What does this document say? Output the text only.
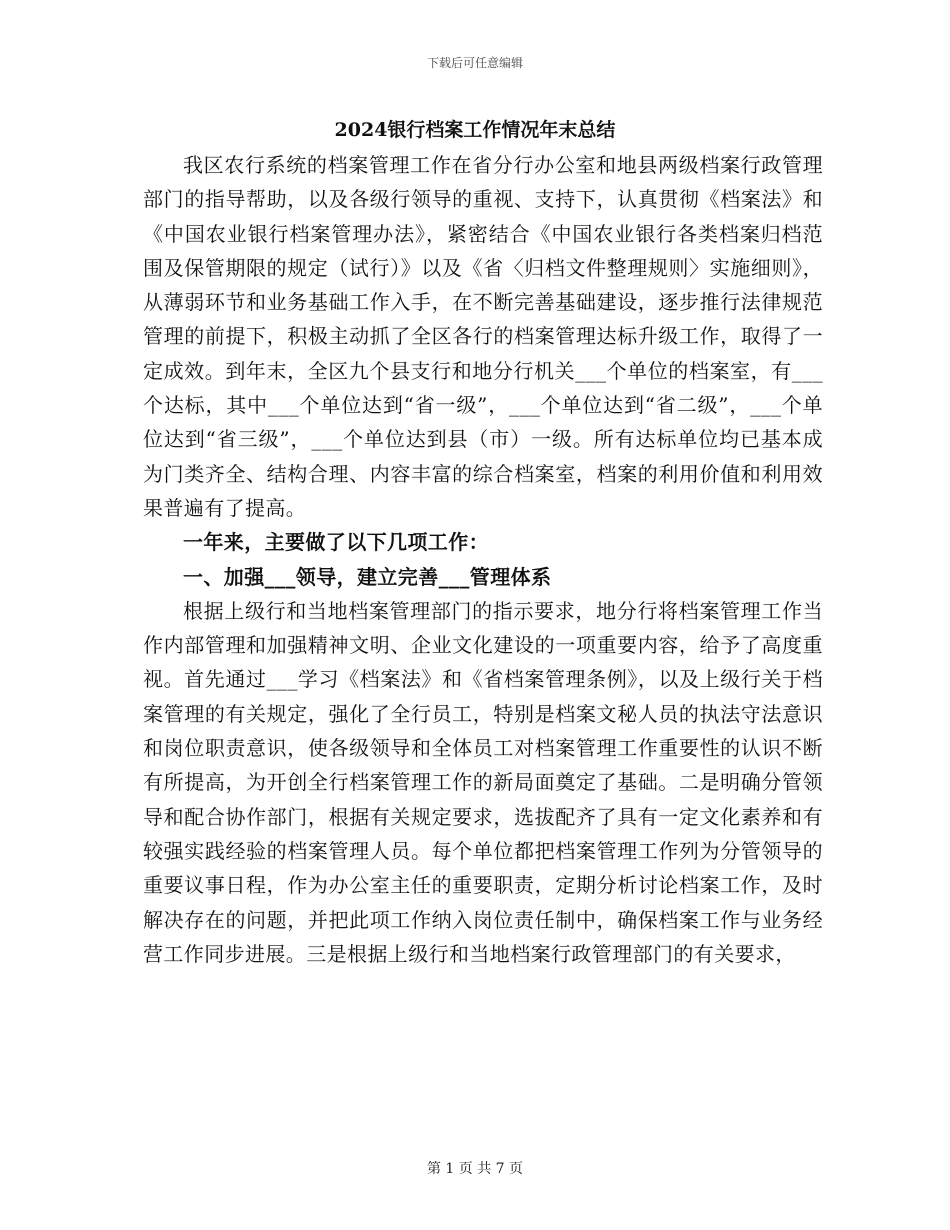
下载后可任意编辑
2024银行档案工作情况年末总结

我区农行系统的档案管理工作在省分行办公室和地县两级档案行政管理部门的指导帮助，以及各级行领导的重视、支持下，认真贯彻《档案法》和《中国农业银行档案管理办法》，紧密结合《中国农业银行各类档案归档范围及保管期限的规定（试行）》以及《省〈归档文件整理规则〉实施细则》，从薄弱环节和业务基础工作入手，在不断完善基础建设，逐步推行法律规范管理的前提下，积极主动抓了全区各行的档案管理达标升级工作，取得了一定成效。到年末，全区九个县支行和地分行机关___个单位的档案室，有___个达标，其中___个单位达到“省一级”，___个单位达到“省二级”，___个单位达到“省三级”，___个单位达到县（市）一级。所有达标单位均已基本成为门类齐全、结构合理、内容丰富的综合档案室，档案的利用价值和利用效果普遍有了提高。

一年来，主要做了以下几项工作：

一、加强___领导，建立完善___管理体系

根据上级行和当地档案管理部门的指示要求，地分行将档案管理工作当作内部管理和加强精神文明、企业文化建设的一项重要内容，给予了高度重视。首先通过___学习《档案法》和《省档案管理条例》，以及上级行关于档案管理的有关规定，强化了全行员工，特别是档案文秘人员的执法守法意识和岗位职责意识，使各级领导和全体员工对档案管理工作重要性的认识不断有所提高，为开创全行档案管理工作的新局面奠定了基础。二是明确分管领导和配合协作部门，根据有关规定要求，选拔配齐了具有一定文化素养和有较强实践经验的档案管理人员。每个单位都把档案管理工作列为分管领导的重要议事日程，作为办公室主任的重要职责，定期分析讨论档案工作，及时解决存在的问题，并把此项工作纳入岗位责任制中，确保档案工作与业务经营工作同步进展。三是根据上级行和当地档案行政管理部门的有关要求，

第 1 页 共 7 页
